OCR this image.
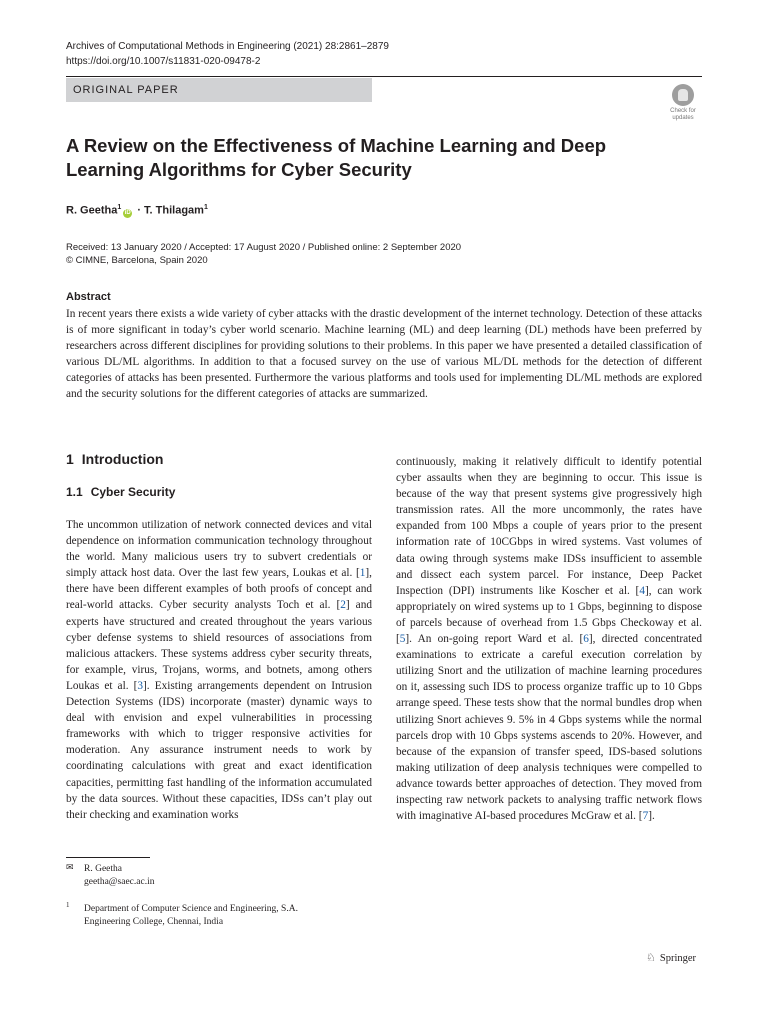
Archives of Computational Methods in Engineering (2021) 28:2861–2879
https://doi.org/10.1007/s11831-020-09478-2
ORIGINAL PAPER
Check for
updates
A Review on the Effectiveness of Machine Learning and Deep Learning Algorithms for Cyber Security
R. Geetha$^1$iD · T. Thilagam$^1$
Received: 13 January 2020 / Accepted: 17 August 2020 / Published online: 2 September 2020
© CIMNE, Barcelona, Spain 2020
Abstract

In recent years there exists a wide variety of cyber attacks with the drastic development of the internet technology. Detection of these attacks is of more significant in today’s cyber world scenario. Machine learning (ML) and deep learning (DL) methods have been preferred by researchers across different disciplines for providing solutions to their problems. In this paper we have presented a detailed classification of various DL/ML algorithms. In addition to that a focused survey on the use of various ML/DL methods for the detection of different categories of attacks has been presented. Furthermore the various platforms and tools used for implementing DL/ML methods are explored and the security solutions for the different categories of attacks are summarized.

1 Introduction
1.1 Cyber Security

The uncommon utilization of network connected devices and vital dependence on information communication technology throughout the world. Many malicious users try to subvert credentials or simply attack host data. Over the last few years, Loukas et al. [1], there have been different examples of both proofs of concept and real-world attacks. Cyber security analysts Toch et al. [2] and experts have structured and created throughout the years various cyber defense systems to shield resources of associations from malicious attackers. These systems address cyber security threats, for example, virus, Trojans, worms, and botnets, among others Loukas et al. [3]. Existing arrangements dependent on Intrusion Detection Systems (IDS) incorporate (master) dynamic ways to deal with envision and expel vulnerabilities in processing frameworks with which to trigger responsive activities for moderation. Any assurance instrument needs to work by coordinating calculations with great and exact identification capacities, permitting fast handling of the information accumulated by the data sources. Without these capacities, IDSs can’t play out their checking and examination works

continuously, making it relatively difficult to identify potential cyber assaults when they are beginning to occur. This issue is because of the way that present systems give progressively high transmission rates. All the more uncommonly, the rates have expanded from 100 Mbps a couple of years prior to the present information rate of 10CGbps in wired systems. Vast volumes of data owing through systems make IDSs insufficient to assemble and dissect each system parcel. For instance, Deep Packet Inspection (DPI) instruments like Koscher et al. [4], can work appropriately on wired systems up to 1 Gbps, beginning to dispose of parcels because of overhead from 1.5 Gbps Checkoway et al. [5]. An on-going report Ward et al. [6], directed concentrated examinations to extricate a careful execution correlation by utilizing Snort and the utilization of machine learning procedures on it, assessing such IDS to process organize traffic up to 10 Gbps arrange speed. These tests show that the normal bundles drop when utilizing Snort achieves 9. 5% in 4 Gbps systems while the normal parcels drop with 10 Gbps systems ascends to 20%. However, and because of the expansion of transfer speed, IDS-based solutions making utilization of deep analysis techniques were compelled to advance towards better approaches of detection. They moved from inspecting raw network packets to analysing traffic network flows with imaginative AI-based procedures McGraw et al. [7].

✉ R. Geetha
geetha@saec.ac.in
1 Department of Computer Science and Engineering, S.A.
Engineering College, Chennai, India
♘ Springer
